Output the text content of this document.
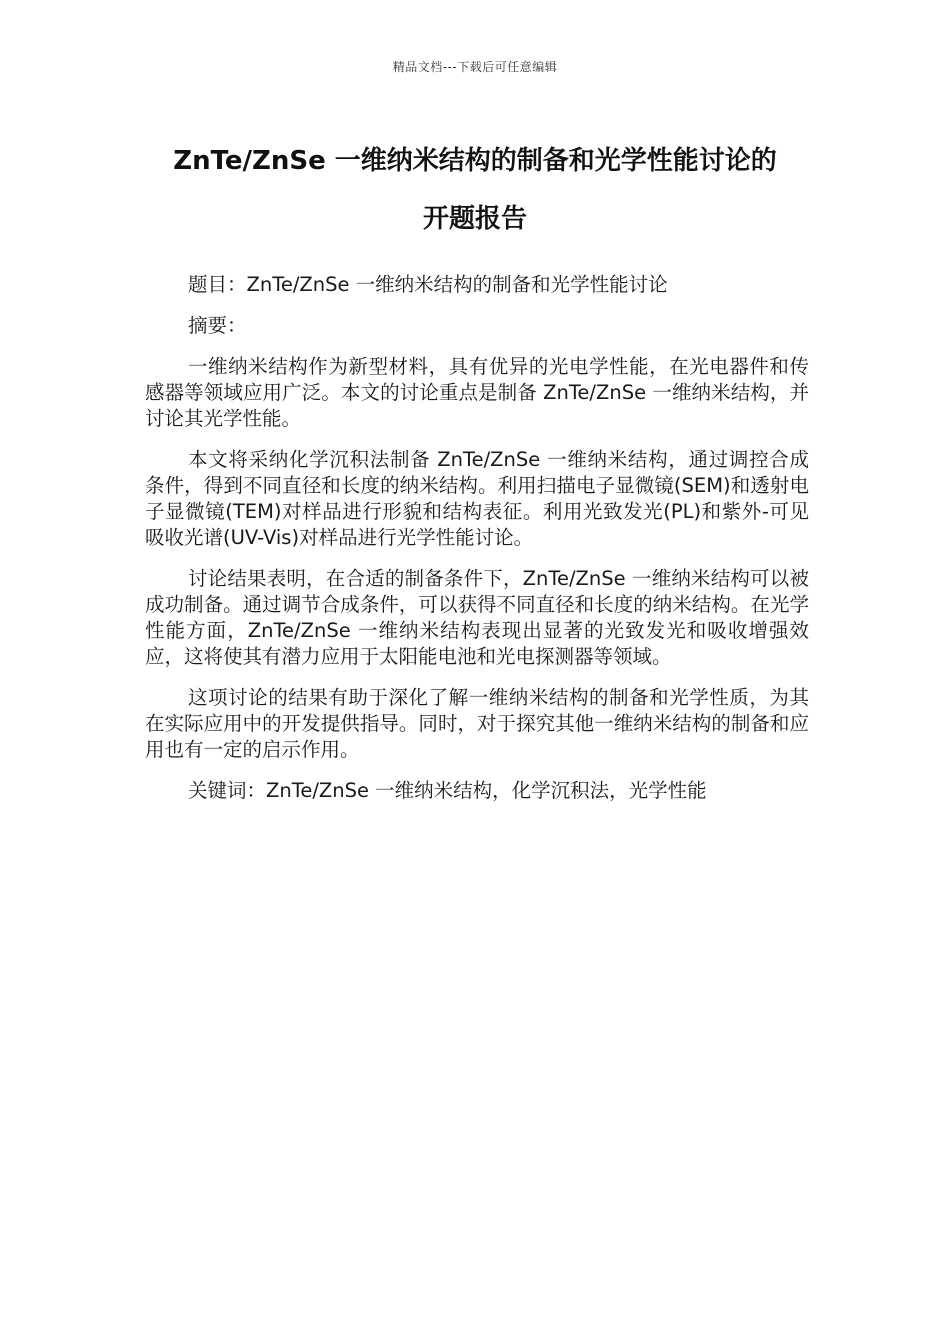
精品文档---下载后可任意编辑
ZnTe/ZnSe 一维纳米结构的制备和光学性能讨论的
开题报告
题目：ZnTe/ZnSe 一维纳米结构的制备和光学性能讨论
摘要：
一维纳米结构作为新型材料，具有优异的光电学性能，在光电器件和传感器等领域应用广泛。本文的讨论重点是制备 ZnTe/ZnSe 一维纳米结构，并讨论其光学性能。
本文将采纳化学沉积法制备 ZnTe/ZnSe 一维纳米结构，通过调控合成条件，得到不同直径和长度的纳米结构。利用扫描电子显微镜(SEM)和透射电子显微镜(TEM)对样品进行形貌和结构表征。利用光致发光(PL)和紫外-可见吸收光谱(UV-Vis)对样品进行光学性能讨论。
讨论结果表明，在合适的制备条件下，ZnTe/ZnSe 一维纳米结构可以被成功制备。通过调节合成条件，可以获得不同直径和长度的纳米结构。在光学性能方面，ZnTe/ZnSe 一维纳米结构表现出显著的光致发光和吸收增强效应，这将使其有潜力应用于太阳能电池和光电探测器等领域。
这项讨论的结果有助于深化了解一维纳米结构的制备和光学性质，为其在实际应用中的开发提供指导。同时，对于探究其他一维纳米结构的制备和应用也有一定的启示作用。
关键词：ZnTe/ZnSe 一维纳米结构，化学沉积法，光学性能
